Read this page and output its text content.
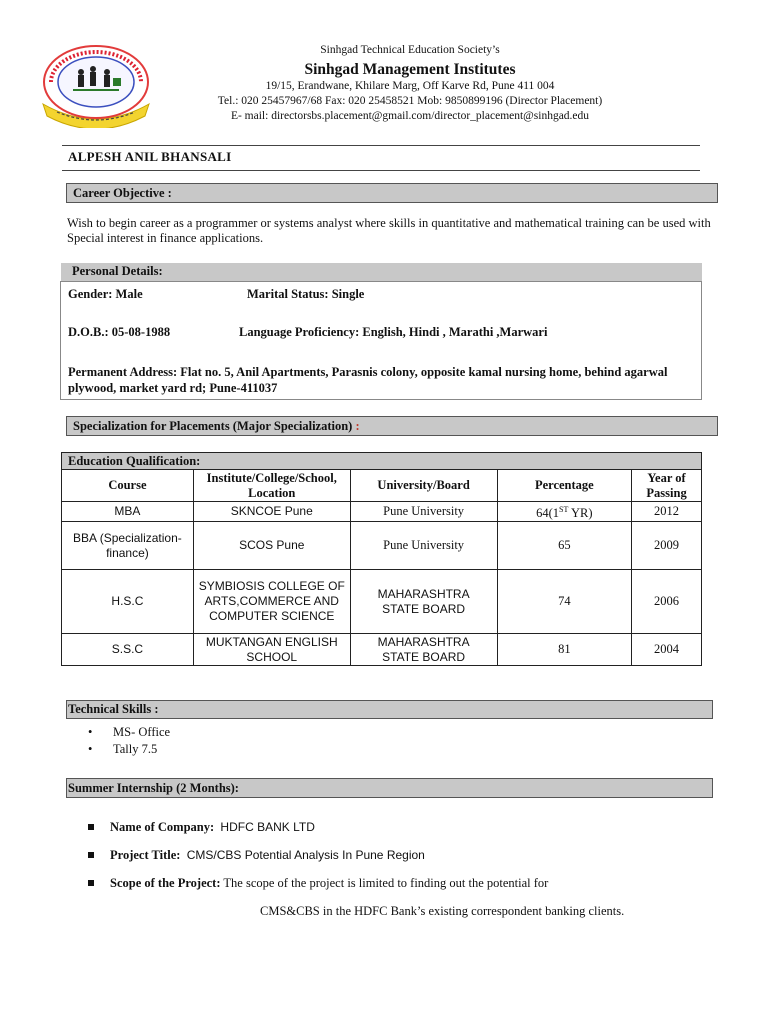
Sinhgad Technical Education Society’s
Sinhgad Management Institutes
19/15, Erandwane, Khilare Marg, Off Karve Rd, Pune 411 004
Tel.: 020 25457967/68 Fax: 020 25458521 Mob: 9850899196 (Director Placement)
E- mail: directorsbs.placement@gmail.com/director_placement@sinhgad.edu
ALPESH ANIL BHANSALI
Career Objective :
Wish to begin career as a programmer or systems analyst where skills in quantitative and mathematical training can be used with Special interest in finance applications.
Personal Details:
Gender: Male	Marital Status: Single
D.O.B.: 05-08-1988	Language Proficiency: English, Hindi , Marathi ,Marwari
Permanent Address: Flat no. 5, Anil Apartments, Parasnis colony, opposite kamal nursing home, behind agarwal plywood, market yard rd; Pune-411037
Specialization for Placements (Major Specialization) :
Education Qualification:
Course	Institute/College/School, Location	University/Board	Percentage	Year of Passing
MBA	SKNCOE Pune	Pune University	64(1ST YR)	2012
BBA (Specialization- finance)	SCOS Pune	Pune University	65	2009
H.S.C	SYMBIOSIS COLLEGE OF ARTS,COMMERCE AND COMPUTER SCIENCE	MAHARASHTRA STATE BOARD	74	2006
S.S.C	MUKTANGAN ENGLISH SCHOOL	MAHARASHTRA STATE BOARD	81	2004
Technical Skills :
• MS- Office
• Tally 7.5
Summer Internship (2 Months):
Name of Company: HDFC BANK LTD
Project Title: CMS/CBS Potential Analysis In Pune Region
Scope of the Project: The scope of the project is limited to finding out the potential for
CMS&CBS in the HDFC Bank’s existing correspondent banking clients.
